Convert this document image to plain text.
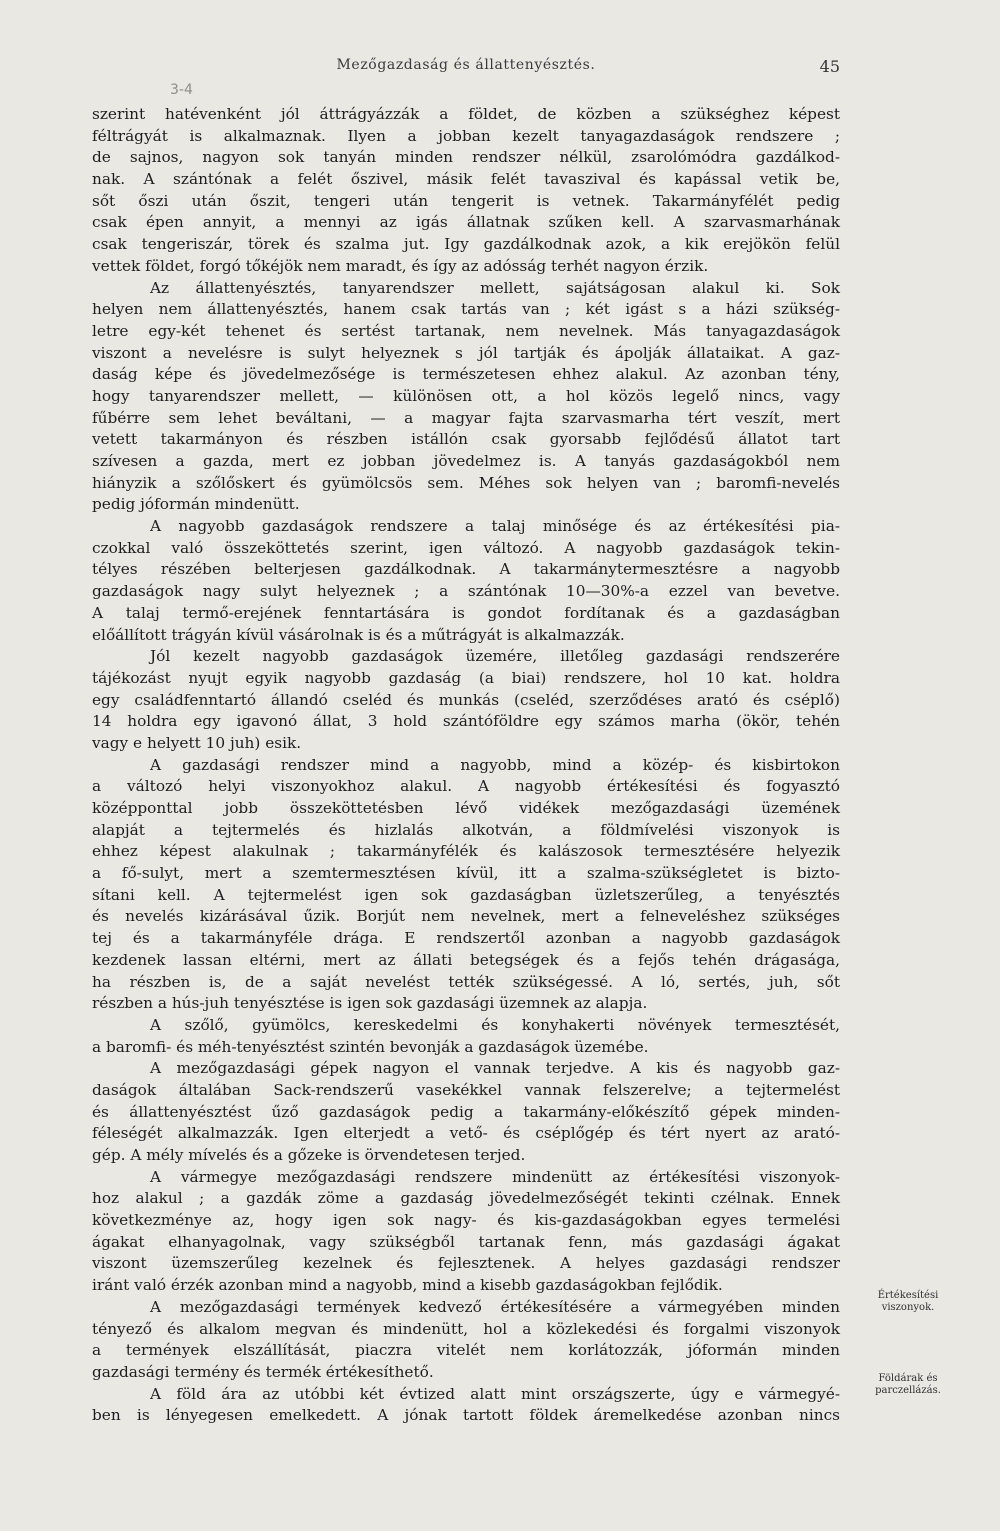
Mezőgazdaság és állattenyésztés.	45
3-4
szerint hatévenként jól áttrágyázzák a földet, de közben a szükséghez képest
féltrágyát is alkalmaznak. Ilyen a jobban kezelt tanyagazdaságok rendszere ;
de sajnos, nagyon sok tanyán minden rendszer nélkül, zsarolómódra gazdálkod-
nak. A szántónak a felét őszivel, másik felét tavaszival és kapással vetik be,
sőt őszi után őszit, tengeri után tengerit is vetnek. Takarmányfélét pedig
csak épen annyit, a mennyi az igás állatnak szűken kell. A szarvasmarhának
csak tengeriszár, törek és szalma jut. Igy gazdálkodnak azok, a kik erejökön felül
vettek földet, forgó tőkéjök nem maradt, és így az adósság terhét nagyon érzik.
Az állattenyésztés, tanyarendszer mellett, sajátságosan alakul ki. Sok
helyen nem állattenyésztés, hanem csak tartás van ; két igást s a házi szükség-
letre egy-két tehenet és sertést tartanak, nem nevelnek. Más tanyagazdaságok
viszont a nevelésre is sulyt helyeznek s jól tartják és ápolják állataikat. A gaz-
daság képe és jövedelmezősége is természetesen ehhez alakul. Az azonban tény,
hogy tanyarendszer mellett, — különösen ott, a hol közös legelő nincs, vagy
fűbérre sem lehet beváltani, — a magyar fajta szarvasmarha tért veszít, mert
vetett takarmányon és részben istállón csak gyorsabb fejlődésű állatot tart
szívesen a gazda, mert ez jobban jövedelmez is. A tanyás gazdaságokból nem
hiányzik a szőlőskert és gyümölcsös sem. Méhes sok helyen van ; baromfi-nevelés
pedig jóformán mindenütt.
A nagyobb gazdaságok rendszere a talaj minősége és az értékesítési pia-
czokkal való összeköttetés szerint, igen változó. A nagyobb gazdaságok tekin-
télyes részében belterjesen gazdálkodnak. A takarmánytermesztésre a nagyobb
gazdaságok nagy sulyt helyeznek ; a szántónak 10—30%-a ezzel van bevetve.
A talaj termő-erejének fenntartására is gondot fordítanak és a gazdaságban
előállított trágyán kívül vásárolnak is és a műtrágyát is alkalmazzák.
Jól kezelt nagyobb gazdaságok üzemére, illetőleg gazdasági rendszerére
tájékozást nyujt egyik nagyobb gazdaság (a biai) rendszere, hol 10 kat. holdra
egy családfenntartó állandó cseléd és munkás (cseléd, szerződéses arató és cséplő)
14 holdra egy igavonó állat, 3 hold szántóföldre egy számos marha (ökör, tehén
vagy e helyett 10 juh) esik.
A gazdasági rendszer mind a nagyobb, mind a közép- és kisbirtokon
a változó helyi viszonyokhoz alakul. A nagyobb értékesítési és fogyasztó
középponttal jobb összeköttetésben lévő vidékek mezőgazdasági üzemének
alapját a tejtermelés és hizlalás alkotván, a földmívelési viszonyok is
ehhez képest alakulnak ; takarmányfélék és kalászosok termesztésére helyezik
a fő-sulyt, mert a szemtermesztésen kívül, itt a szalma-szükségletet is bizto-
sítani kell. A tejtermelést igen sok gazdaságban üzletszerűleg, a tenyésztés
és nevelés kizárásával űzik. Borjút nem nevelnek, mert a felneveléshez szükséges
tej és a takarmányféle drága. E rendszertől azonban a nagyobb gazdaságok
kezdenek lassan eltérni, mert az állati betegségek és a fejős tehén drágasága,
ha részben is, de a saját nevelést tették szükségessé. A ló, sertés, juh, sőt
részben a hús-juh tenyésztése is igen sok gazdasági üzemnek az alapja.
A szőlő, gyümölcs, kereskedelmi és konyhakerti növények termesztését,
a baromfi- és méh-tenyésztést szintén bevonják a gazdaságok üzemébe.
A mezőgazdasági gépek nagyon el vannak terjedve. A kis és nagyobb gaz-
daságok általában Sack-rendszerű vasekékkel vannak felszerelve; a tejtermelést
és állattenyésztést űző gazdaságok pedig a takarmány-előkészítő gépek minden-
féleségét alkalmazzák. Igen elterjedt a vető- és cséplőgép és tért nyert az arató-
gép. A mély mívelés és a gőzeke is örvendetesen terjed.
A vármegye mezőgazdasági rendszere mindenütt az értékesítési viszonyok-
hoz alakul ; a gazdák zöme a gazdaság jövedelmezőségét tekinti czélnak. Ennek
következménye az, hogy igen sok nagy- és kis-gazdaságokban egyes termelési
ágakat elhanyagolnak, vagy szükségből tartanak fenn, más gazdasági ágakat
viszont üzemszerűleg kezelnek és fejlesztenek. A helyes gazdasági rendszer
iránt való érzék azonban mind a nagyobb, mind a kisebb gazdaságokban fejlődik.
A mezőgazdasági termények kedvező értékesítésére a vármegyében minden
tényező és alkalom megvan és mindenütt, hol a közlekedési és forgalmi viszonyok
a termények elszállítását, piaczra vitelét nem korlátozzák, jóformán minden
gazdasági termény és termék értékesíthető.
A föld ára az utóbbi két évtized alatt mint országszerte, úgy e vármegyé-
ben is lényegesen emelkedett. A jónak tartott földek áremelkedése azonban nincs
Értékesítési
viszonyok.
Földárak és
parczellázás.
